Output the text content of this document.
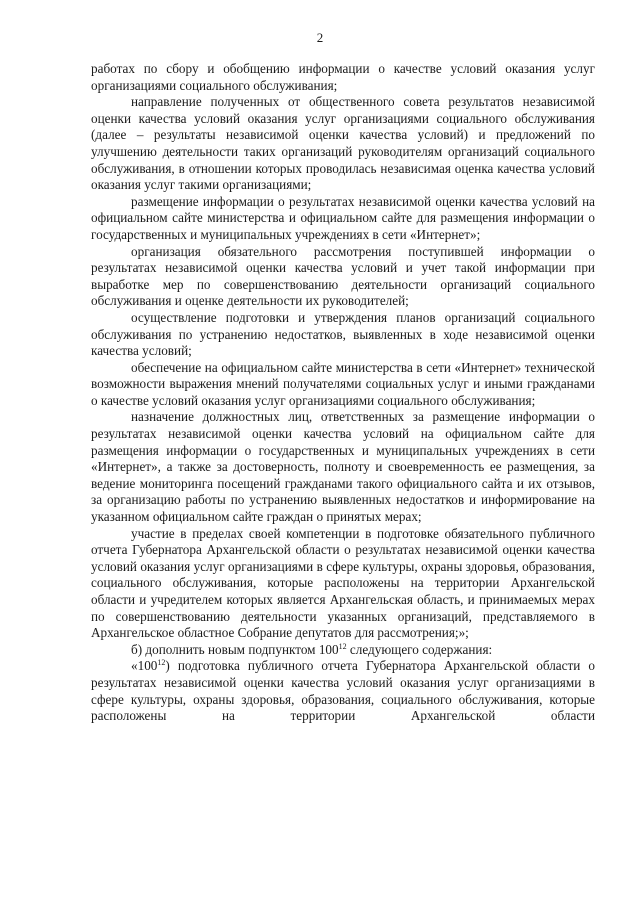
2

работах по сбору и обобщению информации о качестве условий оказания услуг организациями социального обслуживания;

направление полученных от общественного совета результатов независимой оценки качества условий оказания услуг организациями социального обслуживания (далее – результаты независимой оценки качества условий) и предложений по улучшению деятельности таких организаций руководителям организаций социального обслуживания, в отношении которых проводилась независимая оценка качества условий оказания услуг такими организациями;

размещение информации о результатах независимой оценки качества условий на официальном сайте министерства и официальном сайте для размещения информации о государственных и муниципальных учреждениях в сети «Интернет»;

организация обязательного рассмотрения поступившей информации о результатах независимой оценки качества условий и учет такой информации при выработке мер по совершенствованию деятельности организаций социального обслуживания и оценке деятельности их руководителей;

осуществление подготовки и утверждения планов организаций социального обслуживания по устранению недостатков, выявленных в ходе независимой оценки качества условий;

обеспечение на официальном сайте министерства в сети «Интернет» технической возможности выражения мнений получателями социальных услуг и иными гражданами о качестве условий оказания услуг организациями социального обслуживания;

назначение должностных лиц, ответственных за размещение информации о результатах независимой оценки качества условий на официальном сайте для размещения информации о государственных и муниципальных учреждениях в сети «Интернет», а также за достоверность, полноту и своевременность ее размещения, за ведение мониторинга посещений гражданами такого официального сайта и их отзывов, за организацию работы по устранению выявленных недостатков и информирование на указанном официальном сайте граждан о принятых мерах;

участие в пределах своей компетенции в подготовке обязательного публичного отчета Губернатора Архангельской области о результатах независимой оценки качества условий оказания услуг организациями в сфере культуры, охраны здоровья, образования, социального обслуживания, которые расположены на территории Архангельской области и учредителем которых является Архангельская область, и принимаемых мерах по совершенствованию деятельности указанных организаций, представляемого в Архангельское областное Собрание депутатов для рассмотрения;»;

б) дополнить новым подпунктом $100^{12}$ следующего содержания:

«$100^{12}$) подготовка публичного отчета Губернатора Архангельской области о результатах независимой оценки качества условий оказания услуг организациями в сфере культуры, охраны здоровья, образования, социального обслуживания, которые расположены на территории Архангельской области
